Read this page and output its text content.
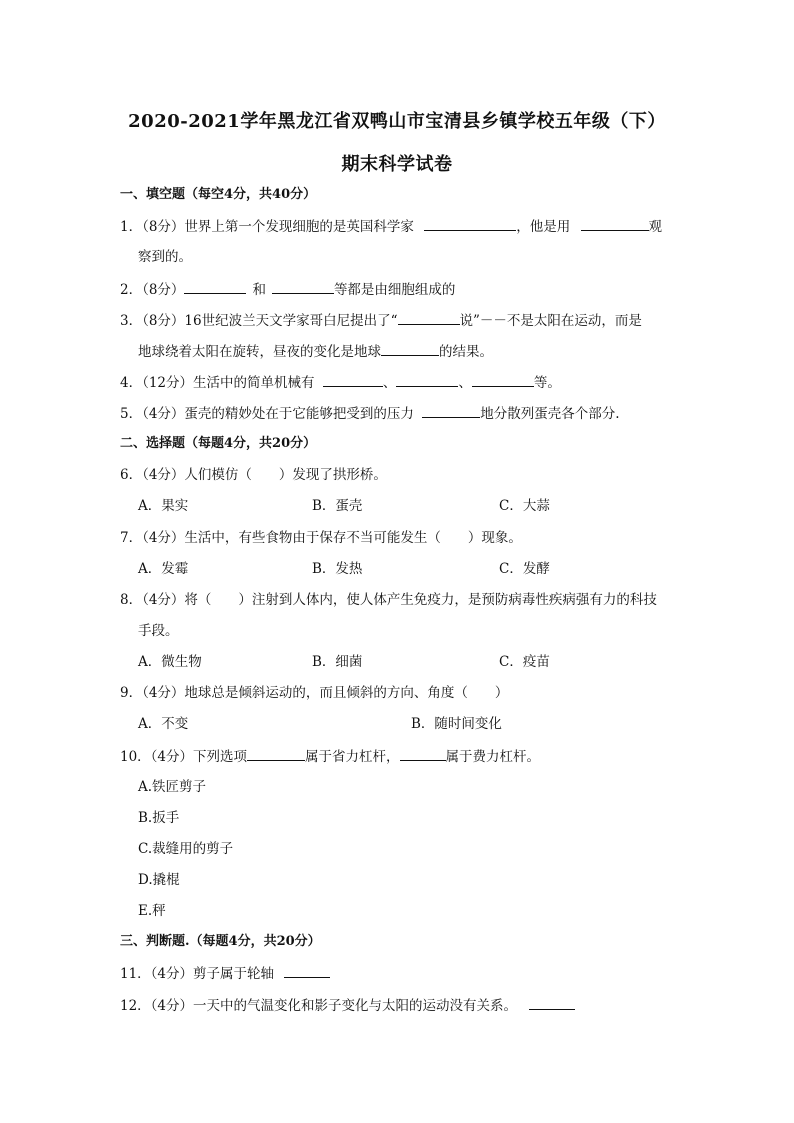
2020-2021学年黑龙江省双鸭山市宝清县乡镇学校五年级（下）
期末科学试卷
一、填空题（每空4分，共40分）
1．（8分）世界上第一个发现细胞的是英国科学家	，他是用	观
察到的。
2．（8分）	和	等都是由细胞组成的
3．（8分）16世纪波兰天文学家哥白尼提出了“	说”－－不是太阳在运动，而是
地球绕着太阳在旋转，昼夜的变化是地球	的结果。
4．（12分）生活中的简单机械有	、	、	等。
5．（4分）蛋壳的精妙处在于它能够把受到的压力	地分散列蛋壳各个部分.
二、选择题（每题4分，共20分）
6．（4分）人们模仿（　　）发现了拱形桥。
A．果实	B．蛋壳	C．大蒜
7．（4分）生活中，有些食物由于保存不当可能发生（　　）现象。
A．发霉	B．发热	C．发酵
8．（4分）将（　　）注射到人体内，使人体产生免疫力，是预防病毒性疾病强有力的科技
手段。
A．微生物	B．细菌	C．疫苗
9．（4分）地球总是倾斜运动的，而且倾斜的方向、角度（　　）
A．不变	B．随时间变化
10．（4分）下列选项	属于省力杠杆，	属于费力杠杆。
A.铁匠剪子
B.扳手
C.裁缝用的剪子
D.撬棍
E.秤
三、判断题.（每题4分，共20分）
11．（4分）剪子属于轮轴
12．（4分）一天中的气温变化和影子变化与太阳的运动没有关系。
